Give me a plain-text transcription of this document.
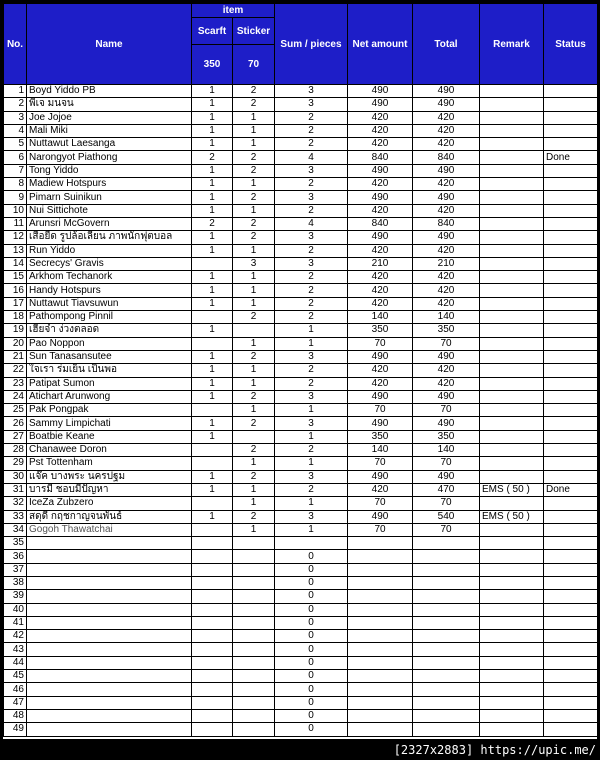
No.	Name	item		Sum / pieces	Net amount	Total	Remark	Status
		Scarft	Sticker					
		350	70					
1	Boyd Yiddo PB	1	2	3	490	490		
2	พีเจ มนจน	1	2	3	490	490		
3	Joe Jojoe	1	1	2	420	420		
4	Mali Miki	1	1	2	420	420		
5	Nuttawut Laesanga	1	1	2	420	420		
6	Narongyot Piathong	2	2	4	840	840		Done
7	Tong Yiddo	1	2	3	490	490		
8	Madiew Hotspurs	1	1	2	420	420		
9	Pimarn Suinikun	1	2	3	490	490		
10	Nui Sittichote	1	1	2	420	420		
11	Arunsri McGovern	2	2	4	840	840		
12	เสื้อยืด รูปล้อเลียน ภาพนักฟุตบอล	1	2	3	490	490		
13	Run Yiddo	1	1	2	420	420		
14	Secrecys' Gravis		3	3	210	210		
15	Arkhom Techanork	1	1	2	420	420		
16	Handy Hotspurs	1	1	2	420	420		
17	Nuttawut Tiavsuwun	1	1	2	420	420		
18	Pathompong Pinnil		2	2	140	140		
19	เฮียจ๋า ง่วงตลอด	1		1	350	350		
20	Pao Noppon		1	1	70	70		
21	Sun Tanasansutee	1	2	3	490	490		
22	ใจเรา ร่มเย็น เป็นพอ	1	1	2	420	420		
23	Patipat Sumon	1	1	2	420	420		
24	Atichart Arunwong	1	2	3	490	490		
25	Pak Pongpak		1	1	70	70		
26	Sammy Limpichati	1	2	3	490	490		
27	Boatbie Keane	1		1	350	350		
28	Chanawee Doron		2	2	140	140		
29	Pst Tottenham		1	1	70	70		
30	แจ๊ค บางพระ นครปฐม	1	2	3	490	490		
31	บารมี ชอบมีปัญหา	1	1	2	420	470	EMS ( 50 )	Done
32	IceZa Zubzero		1	1	70	70		
33	สดุดี กฤชกาญจนพันธ์	1	2	3	490	540	EMS ( 50 )	
34	Gogoh Thawatchai		1	1	70	70		
35								
36				0				
37				0				
38				0				
39				0				
40				0				
41				0				
42				0				
43				0				
44				0				
45				0				
46				0				
47				0				
48				0				
49				0				
[2327x2883] https://upic.me/
